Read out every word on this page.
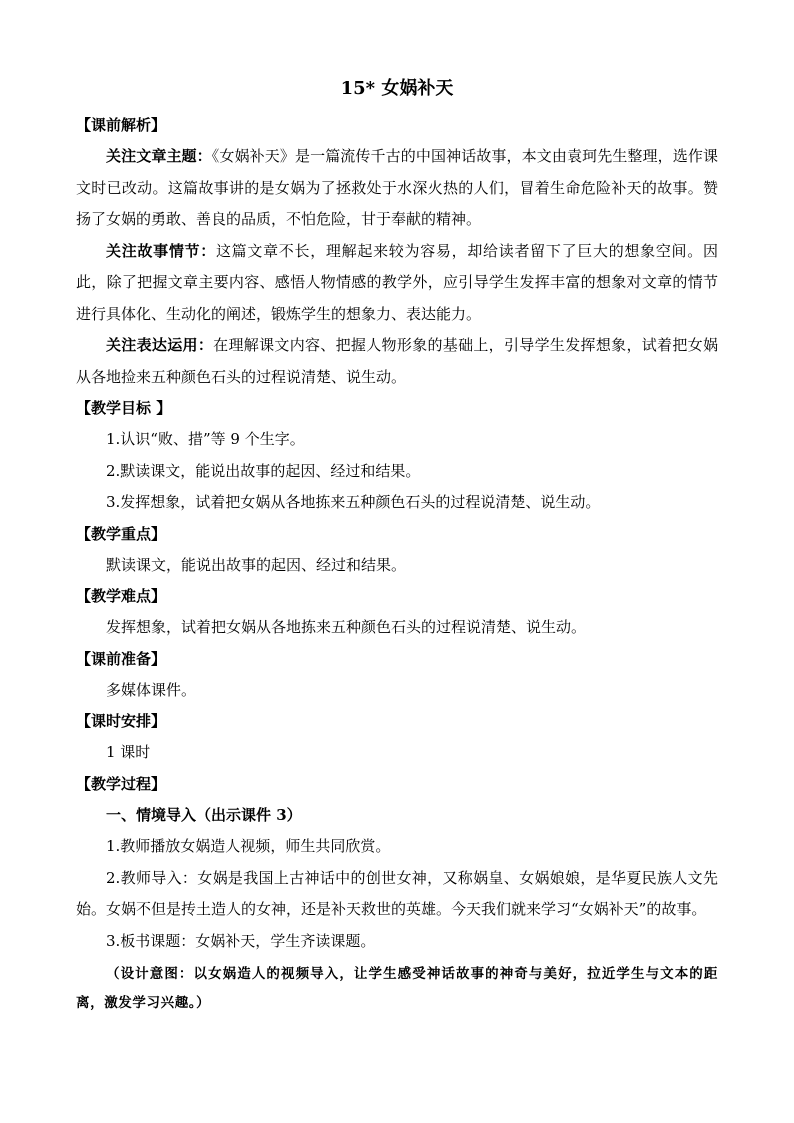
15* 女娲补天
【课前解析】

关注文章主题：《女娲补天》是一篇流传千古的中国神话故事，本文由袁珂先生整理，选作课文时已改动。这篇故事讲的是女娲为了拯救处于水深火热的人们，冒着生命危险补天的故事。赞扬了女娲的勇敢、善良的品质，不怕危险，甘于奉献的精神。

关注故事情节：这篇文章不长，理解起来较为容易，却给读者留下了巨大的想象空间。因此，除了把握文章主要内容、感悟人物情感的教学外，应引导学生发挥丰富的想象对文章的情节进行具体化、生动化的阐述，锻炼学生的想象力、表达能力。

关注表达运用：在理解课文内容、把握人物形象的基础上，引导学生发挥想象，试着把女娲从各地捡来五种颜色石头的过程说清楚、说生动。

【教学目标 】
1.认识“败、措”等 9 个生字。
2.默读课文，能说出故事的起因、经过和结果。
3.发挥想象，试着把女娲从各地拣来五种颜色石头的过程说清楚、说生动。
【教学重点】
默读课文，能说出故事的起因、经过和结果。
【教学难点】
发挥想象，试着把女娲从各地拣来五种颜色石头的过程说清楚、说生动。
【课前准备】
多媒体课件。
【课时安排】
1 课时
【教学过程】
一、情境导入（出示课件 3）
1.教师播放女娲造人视频，师生共同欣赏。

2.教师导入：女娲是我国上古神话中的创世女神，又称娲皇、女娲娘娘，是华夏民族人文先始。女娲不但是抟土造人的女神，还是补天救世的英雄。今天我们就来学习“女娲补天”的故事。

3.板书课题：女娲补天，学生齐读课题。

（设计意图：以女娲造人的视频导入，让学生感受神话故事的神奇与美好，拉近学生与文本的距离，激发学习兴趣。）
